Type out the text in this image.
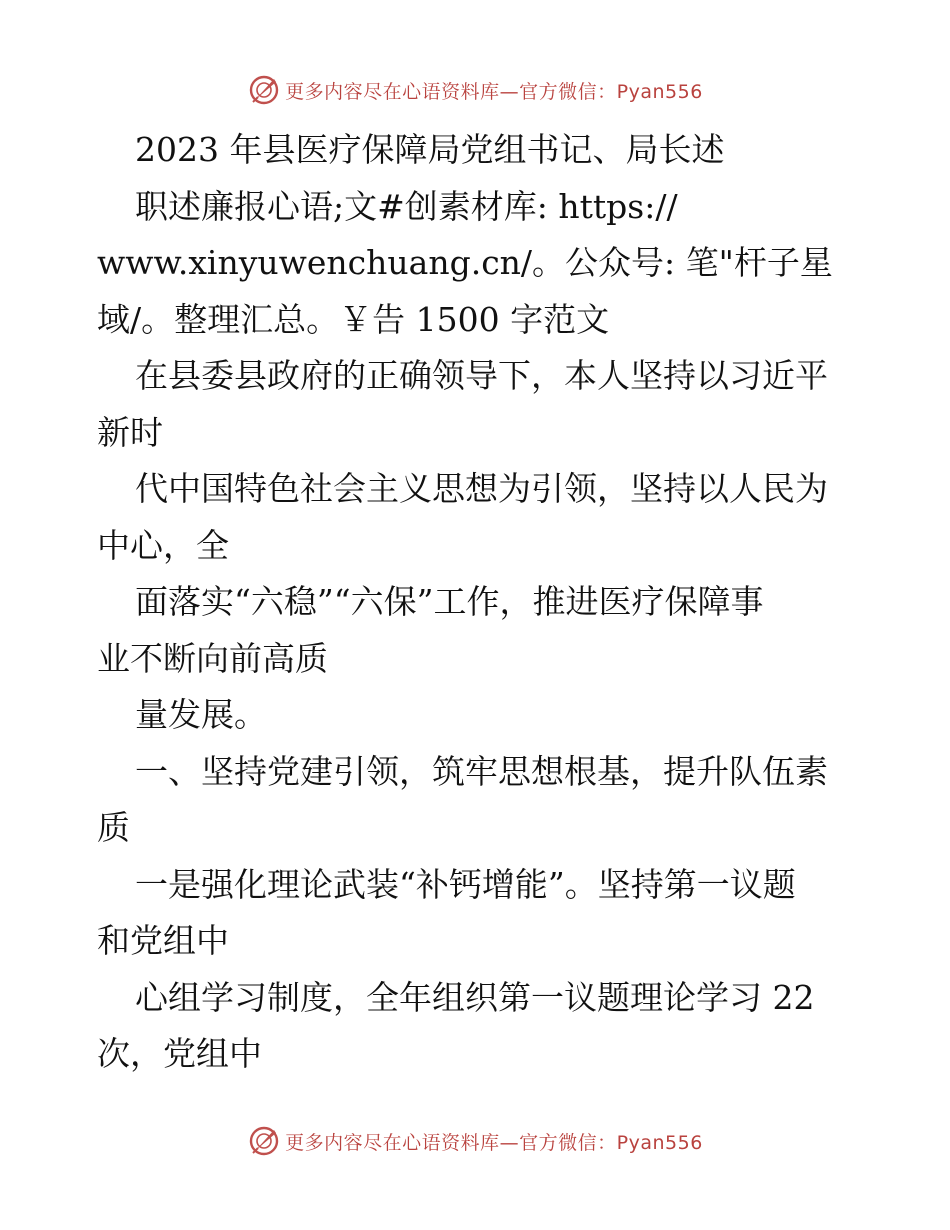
更多内容尽在心语资料库—官方微信：Pyan556
2023 年县医疗保障局党组书记、局长述
职述廉报心语;文#创素材库: https://
www.xinyuwenchuang.cn/。公众号: 笔"杆子星
域/。整理汇总。￥告 1500 字范文
在县委县政府的正确领导下，本人坚持以习近平
新时
代中国特色社会主义思想为引领，坚持以人民为
中心，全
面落实“六稳”“六保”工作，推进医疗保障事
业不断向前高质
量发展。
一、坚持党建引领，筑牢思想根基，提升队伍素
质
一是强化理论武装“补钙增能”。坚持第一议题
和党组中
心组学习制度，全年组织第一议题理论学习 22
次，党组中
更多内容尽在心语资料库—官方微信：Pyan556
